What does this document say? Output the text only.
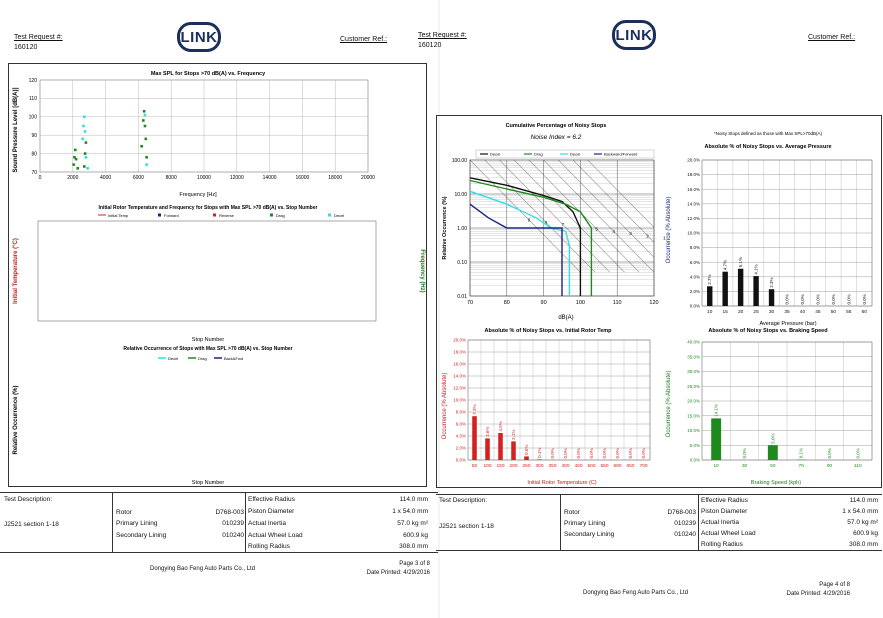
Test Request #:
160120
LINK	Customer Ref.:
Max SPL for Stops >70 dB(A) vs. Frequency
120
110
100
90
80
70
0	2000	4000	6000	8000	10000	12000	14000	16000	18000	20000
Frequency [Hz]
Sound Pressure Level [dB(A)]
Initial Rotor Temperature and Frequency for Stops with Max SPL >70 dB(A) vs. Stop Number
Initial Temp	Forward	Reverse	Drag	Decel
Stop Number
Initial Temperature (°C)	Frequency (Hz)
Relative Occurrence of Stops with Max SPL >70 dB(A) vs. Stop Number
Decel	Drag	Back&Fwd
Stop Number
Relative Occurrence (%)
Test Description:
J2521 section 1-18
Rotor	D768-003
Primary Lining	010239
Secondary Lining	010240
Effective Radius	114.0 mm
Piston Diameter	1 x 54.0 mm
Actual Inertia	57.0 kg m²
Actual Wheel Load	600.9 kg
Rolling Radius	308.0 mm
Dongying Bao Feng Auto Parts Co., Ltd
Page 3 of 8
Date Printed: 4/29/2016
Test Request #:
160120
LINK	Customer Ref.:
Cumulative Percentage of Noisy Stops
Noise Index = 6.2
9	8	7	6	5	4	3	2	1
Decel	Drag	Decel	Backward/Forward
100.00
10.00
1.00
0.10
0.01
70	80	90	100	110	120
dB(A)
Relative Occurrence (%)
*Noisy Stops defined as those with Max SPL>70dB(A)
Absolute % of Noisy Stops vs. Average Pressure
2.7%
4.7% 5.1%
4.1%
2.3%
0.0% 0.0% 0.0% 0.0% 0.0% 0.0%
20.0%
18.0%
16.0%
14.0%
12.0%
10.0%
8.0%
6.0%
4.0%
2.0%
0.0%
10 15 20 25 30 35 40 45 50 55 60
Average Pressure (bar)
Occurrence (% Absolute)
Absolute % of Noisy Stops vs. Initial Rotor Temp
7.3%
3.6%
4.5%
3.1%
0.6% 0.1% 0.0% 0.0% 0.0% 0.0% 0.0% 0.0% 0.0% 0.0%
20.0%
18.0%
16.0%
14.0%
12.0%
10.0%
8.0%
6.0%
4.0%
2.0%
0.0%
50 100 150 200 250 300 350 400 450 500 550 600 650 700
Initial Rotor Temperature (C)
Occurrence (% Absolute)
Absolute % of Noisy Stops vs. Braking Speed
14.1%
0.0%
5.0%
0.1%	0.0%	0.0%
40.0%
35.0%
30.0%
25.0%
20.0%
15.0%
10.0%
5.0%
0.0%
10	30	50	70	90	110
Braking Speed (kph)
Occurrence (% Absolute)
Test Description:
J2521 section 1-18
Rotor	D768-003
Primary Lining	010239
Secondary Lining	010240
Effective Radius	114.0 mm
Piston Diameter	1 x 54.0 mm
Actual Inertia	57.0 kg m²
Actual Wheel Load	600.9 kg
Rolling Radius	308.0 mm
Dongying Bao Feng Auto Parts Co., Ltd
Page 4 of 8
Date Printed: 4/29/2016
